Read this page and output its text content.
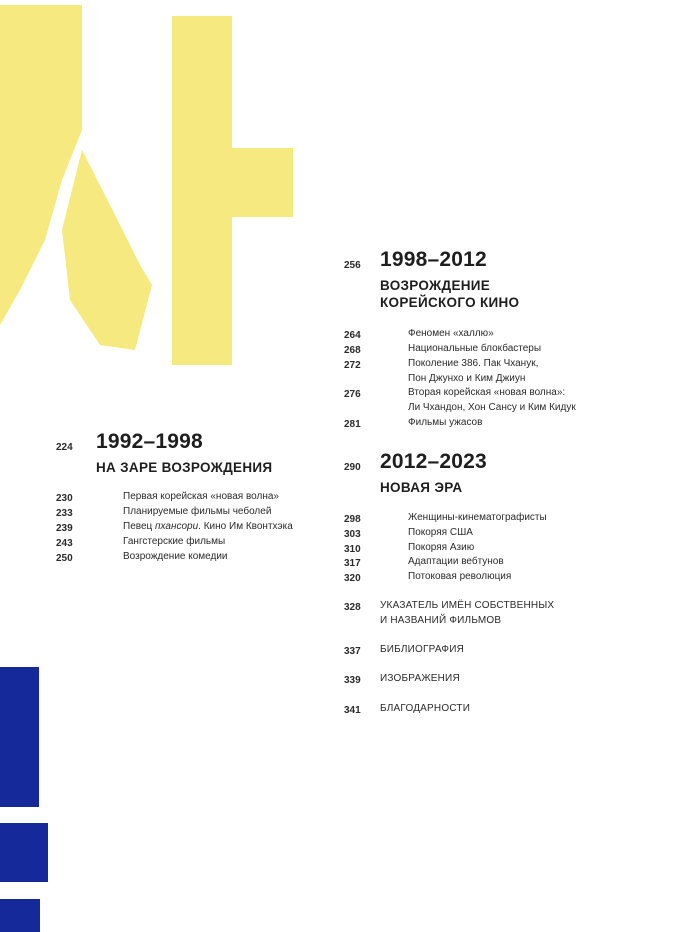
224 1992–1998
НА ЗАРЕ ВОЗРОЖДЕНИЯ
230	Первая корейская «новая волна»
233	Планируемые фильмы чеболей
239	Певец пхансори. Кино Им Квонтхэка
243	Гангстерские фильмы
250	Возрождение комедии
256 1998–2012
ВОЗРОЖДЕНИЕ
КОРЕЙСКОГО КИНО
264	Феномен «халлю»
268	Национальные блокбастеры
272	Поколение 386. Пак Чханук,
Пон Джунхо и Ким Джиун
276	Вторая корейская «новая волна»:
Ли Чхандон, Хон Сансу и Ким Кидук
281	Фильмы ужасов
290 2012–2023
НОВАЯ ЭРА
298	Женщины-кинематографисты
303	Покоряя США
310	Покоряя Азию
317	Адаптации вебтунов
320	Потоковая революция
328 УКАЗАТЕЛЬ ИМЁН СОБСТВЕННЫХ
И НАЗВАНИЙ ФИЛЬМОВ
337 БИБЛИОГРАФИЯ
339 ИЗОБРАЖЕНИЯ
341 БЛАГОДАРНОСТИ
